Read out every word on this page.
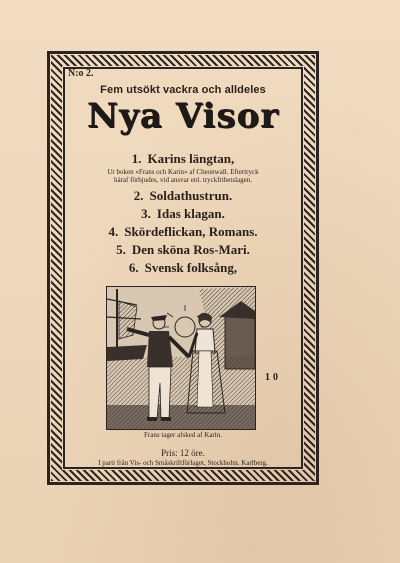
N:o 2.
Fem utsökt vackra och alldeles
Nya Visor
1. Karins längtan,
Ur boken «Frans och Karin» af Cheonwall. Eftertryck
häraf förbjudes, vid ansvar enl. tryckfrihetslagen.
2. Soldathustrun.
3. Idas klagan.
4. Skördeflickan, Romans.
5. Den sköna Ros-Mari.
6. Svensk folksång,
Frans tager afsked af Karin.
10
Pris: 12 öre.
I parti från Vis- och Småskriftförlaget, Stockholm. Karlberg.
